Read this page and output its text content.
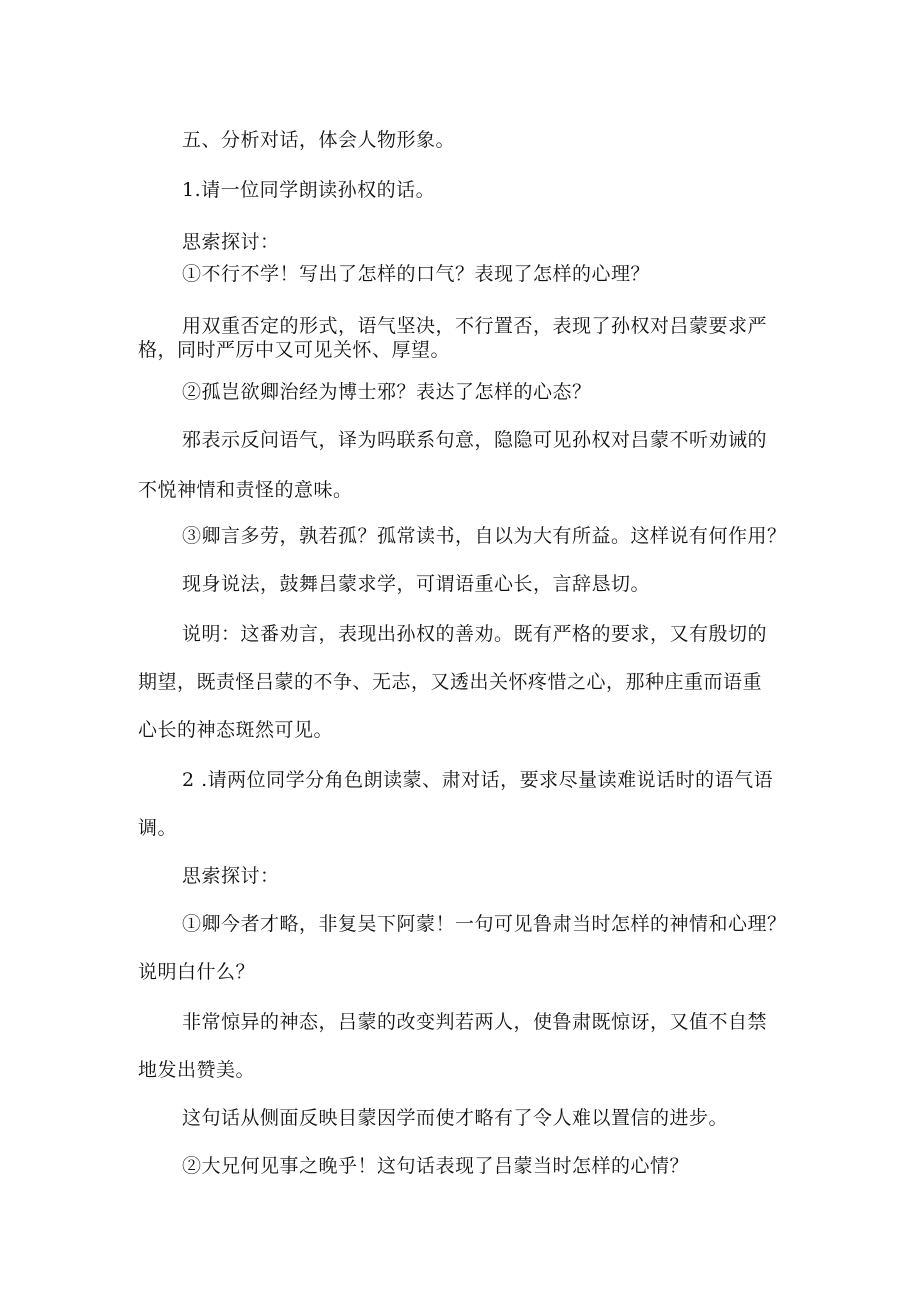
五、分析对话，体会人物形象。
1.请一位同学朗读孙权的话。
思索探讨：
①不行不学！写出了怎样的口气？表现了怎样的心理？
用双重否定的形式，语气坚决，不行置否，表现了孙权对吕蒙要求严
格，同时严厉中又可见关怀、厚望。
②孤岂欲卿治经为博士邪？表达了怎样的心态？
邪表示反问语气，译为吗联系句意，隐隐可见孙权对吕蒙不听劝诫的
不悦神情和责怪的意味。
③卿言多劳，孰若孤？孤常读书，自以为大有所益。这样说有何作用？
现身说法，鼓舞吕蒙求学，可谓语重心长，言辞恳切。
说明：这番劝言，表现出孙权的善劝。既有严格的要求，又有殷切的
期望，既责怪吕蒙的不争、无志，又透出关怀疼惜之心，那种庄重而语重
心长的神态斑然可见。
2 .请两位同学分角色朗读蒙、肃对话，要求尽量读难说话时的语气语
调。
思索探讨：
①卿今者才略，非复吴下阿蒙！一句可见鲁肃当时怎样的神情和心理？
说明白什么？
非常惊异的神态，吕蒙的改变判若两人，使鲁肃既惊讶，又值不自禁
地发出赞美。
这句话从侧面反映目蒙因学而使才略有了令人难以置信的进步。
②大兄何见事之晚乎！这句话表现了吕蒙当时怎样的心情？
